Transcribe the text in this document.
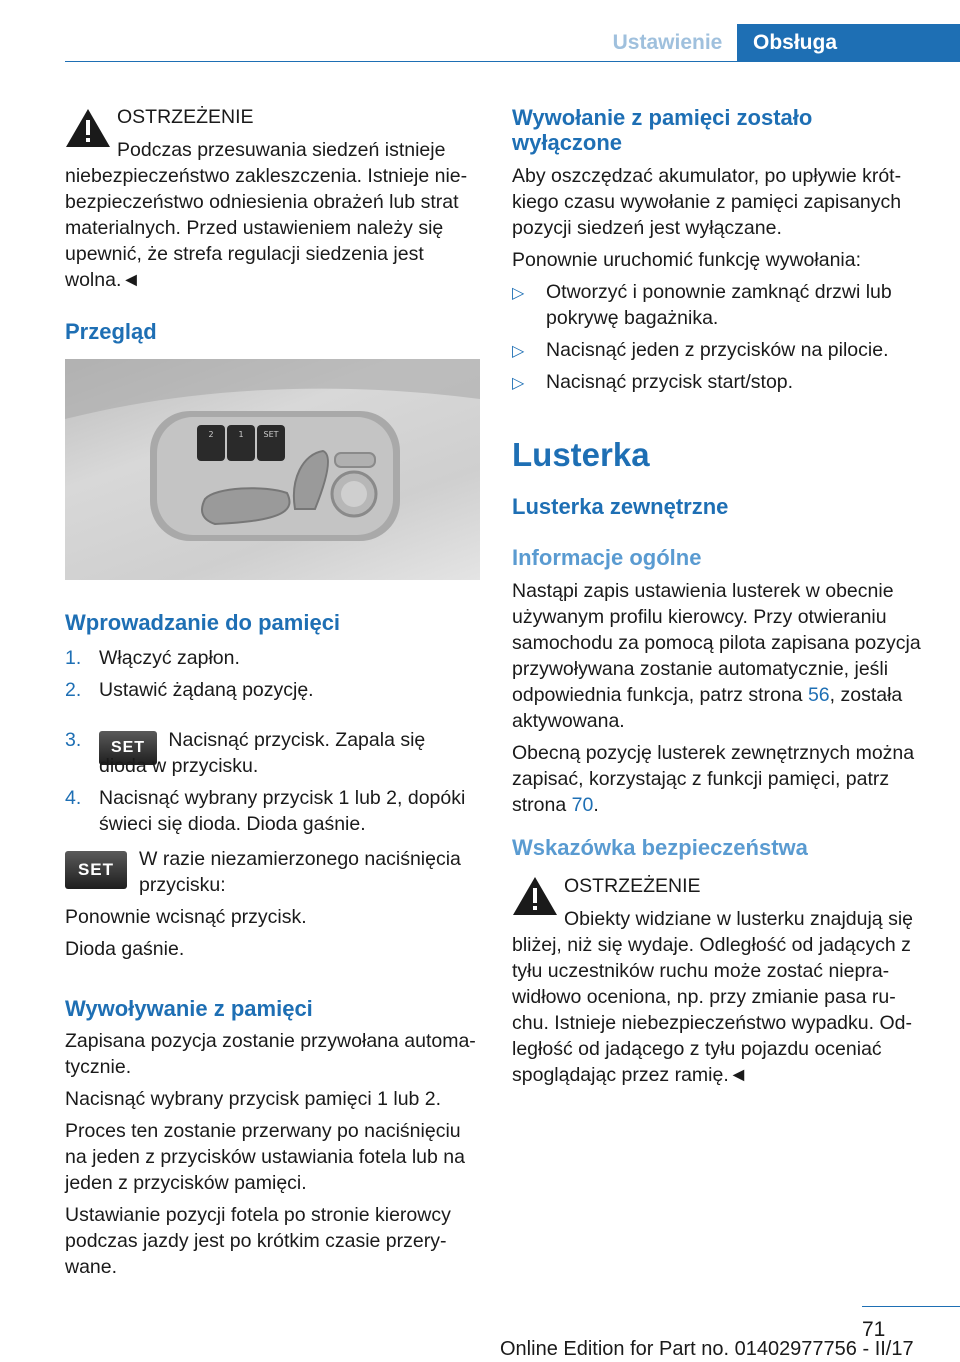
Ustawienie	Obsługa

OSTRZEŻENIE

Podczas przesuwania siedzeń istnieje

niebezpieczeństwo zakleszczenia. Istnieje nie-

bezpieczeństwo odniesienia obrażeń lub strat

materialnych. Przed ustawieniem należy się

upewnić, że strefa regulacji siedzenia jest

wolna.◄

Przegląd
2	1 SET
Wprowadzanie do pamięci

1. Włączyć zapłon.

2. Ustawić żądaną pozycję.

3. SET Nacisnąć przycisk. Zapala się

dioda w przycisku.

4. Nacisnąć wybrany przycisk 1 lub 2, dopóki

świeci się dioda. Dioda gaśnie.

SET	W razie niezamierzonego naciśnięcia

przycisku:

Ponownie wcisnąć przycisk.

Dioda gaśnie.

Wywoływanie z pamięci

Zapisana pozycja zostanie przywołana automa-

tycznie.

Nacisnąć wybrany przycisk pamięci 1 lub 2.

Proces ten zostanie przerwany po naciśnięciu

na jeden z przycisków ustawiania fotela lub na

jeden z przycisków pamięci.

Ustawianie pozycji fotela po stronie kierowcy

podczas jazdy jest po krótkim czasie przery-

wane.

Wywołanie z pamięci zostało
wyłączone

Aby oszczędzać akumulator, po upływie krót-

kiego czasu wywołanie z pamięci zapisanych

pozycji siedzeń jest wyłączane.

Ponownie uruchomić funkcję wywołania:

▷ Otworzyć i ponownie zamknąć drzwi lub

pokrywę bagażnika.

▷ Nacisnąć jeden z przycisków na pilocie.

▷ Nacisnąć przycisk start/stop.

Lusterka
Lusterka zewnętrzne
Informacje ogólne

Nastąpi zapis ustawienia lusterek w obecnie

używanym profilu kierowcy. Przy otwieraniu

samochodu za pomocą pilota zapisana pozycja

przywoływana zostanie automatycznie, jeśli

odpowiednia funkcja, patrz strona 56, została

aktywowana.

Obecną pozycję lusterek zewnętrznych można

zapisać, korzystając z funkcji pamięci, patrz

strona 70.

Wskazówka bezpieczeństwa

OSTRZEŻENIE

Obiekty widziane w lusterku znajdują się

bliżej, niż się wydaje. Odległość od jadących z

tyłu uczestników ruchu może zostać niepra-

widłowo oceniona, np. przy zmianie pasa ru-

chu. Istnieje niebezpieczeństwo wypadku. Od-

ległość od jadącego z tyłu pojazdu oceniać

spoglądając przez ramię.◄

71
Online Edition for Part no. 01402977756 - II/17
